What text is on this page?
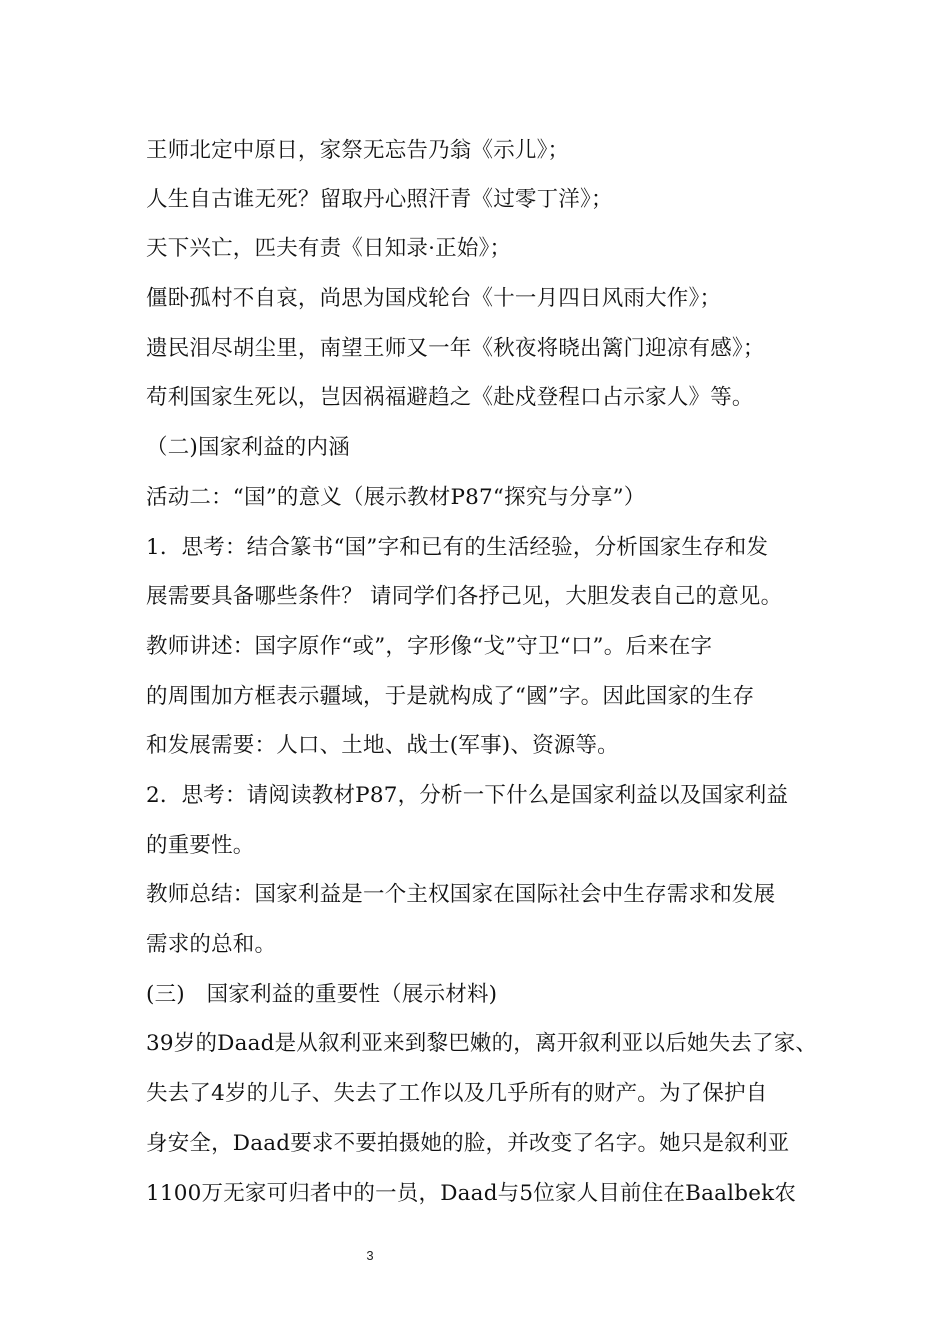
王师北定中原日，家祭无忘告乃翁《示儿》；
人生自古谁无死？留取丹心照汗青《过零丁洋》；
天下兴亡，匹夫有责《日知录·正始》；
僵卧孤村不自哀，尚思为国戍轮台《十一月四日风雨大作》；
遗民泪尽胡尘里，南望王师又一年《秋夜将晓出篱门迎凉有感》；
苟利国家生死以，岂因祸福避趋之《赴戍登程口占示家人》等。
（二)国家利益的内涵
活动二：“国”的意义（展示教材P87“探究与分享”）
1．思考：结合篆书“国”字和已有的生活经验，分析国家生存和发
展需要具备哪些条件？ 请同学们各抒己见，大胆发表自己的意见。
教师讲述：国字原作“或”，字形像“戈”守卫“口”。后来在字
的周围加方框表示疆域，于是就构成了“國”字。因此国家的生存
和发展需要：人口、土地、战士(军事)、资源等。
2．思考：请阅读教材P87，分析一下什么是国家利益以及国家利益
的重要性。
教师总结：国家利益是一个主权国家在国际社会中生存需求和发展
需求的总和。
(三)　国家利益的重要性（展示材料)
39岁的Daad是从叙利亚来到黎巴嫩的，离开叙利亚以后她失去了家、
失去了4岁的儿子、失去了工作以及几乎所有的财产。为了保护自
身安全，Daad要求不要拍摄她的脸，并改变了名字。她只是叙利亚
1100万无家可归者中的一员，Daad与5位家人目前住在Baalbek农
3
